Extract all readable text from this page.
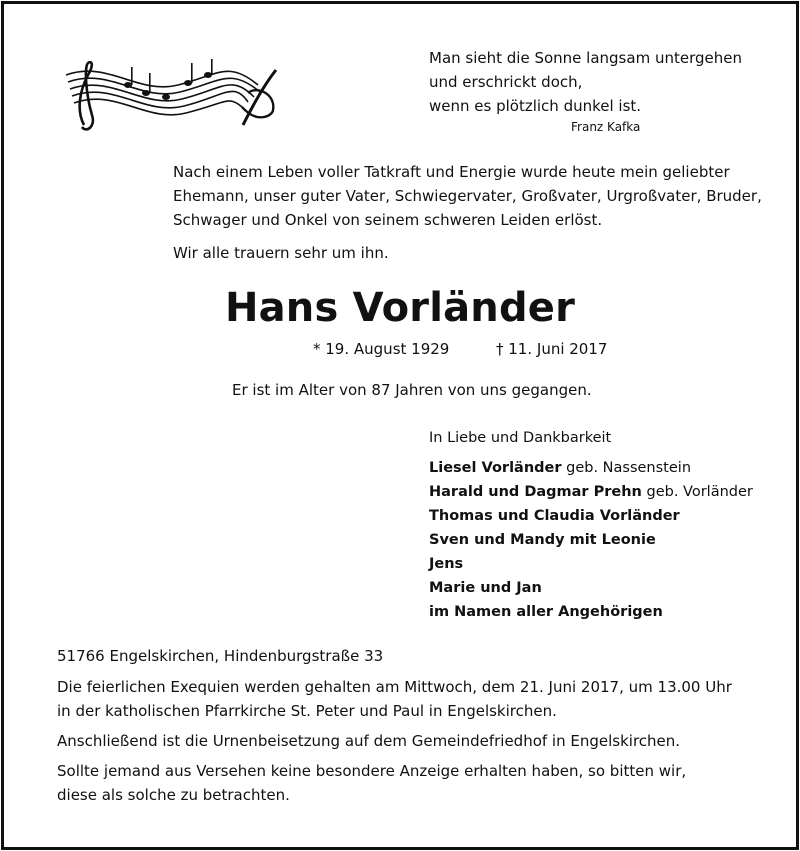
Man sieht die Sonne langsam untergehen
und erschrickt doch,
wenn es plötzlich dunkel ist.
Franz Kafka
Nach einem Leben voller Tatkraft und Energie wurde heute mein geliebter
Ehemann, unser guter Vater, Schwiegervater, Großvater, Urgroßvater, Bruder,
Schwager und Onkel von seinem schweren Leiden erlöst.
Wir alle trauern sehr um ihn.
Hans Vorländer
* 19. August 1929	† 11. Juni 2017
Er ist im Alter von 87 Jahren von uns gegangen.
In Liebe und Dankbarkeit
Liesel Vorländer geb. Nassenstein
Harald und Dagmar Prehn geb. Vorländer
Thomas und Claudia Vorländer
Sven und Mandy mit Leonie
Jens
Marie und Jan
im Namen aller Angehörigen
51766 Engelskirchen, Hindenburgstraße 33
Die feierlichen Exequien werden gehalten am Mittwoch, dem 21. Juni 2017, um 13.00 Uhr
in der katholischen Pfarrkirche St. Peter und Paul in Engelskirchen.
Anschließend ist die Urnenbeisetzung auf dem Gemeindefriedhof in Engelskirchen.
Sollte jemand aus Versehen keine besondere Anzeige erhalten haben, so bitten wir,
diese als solche zu betrachten.
